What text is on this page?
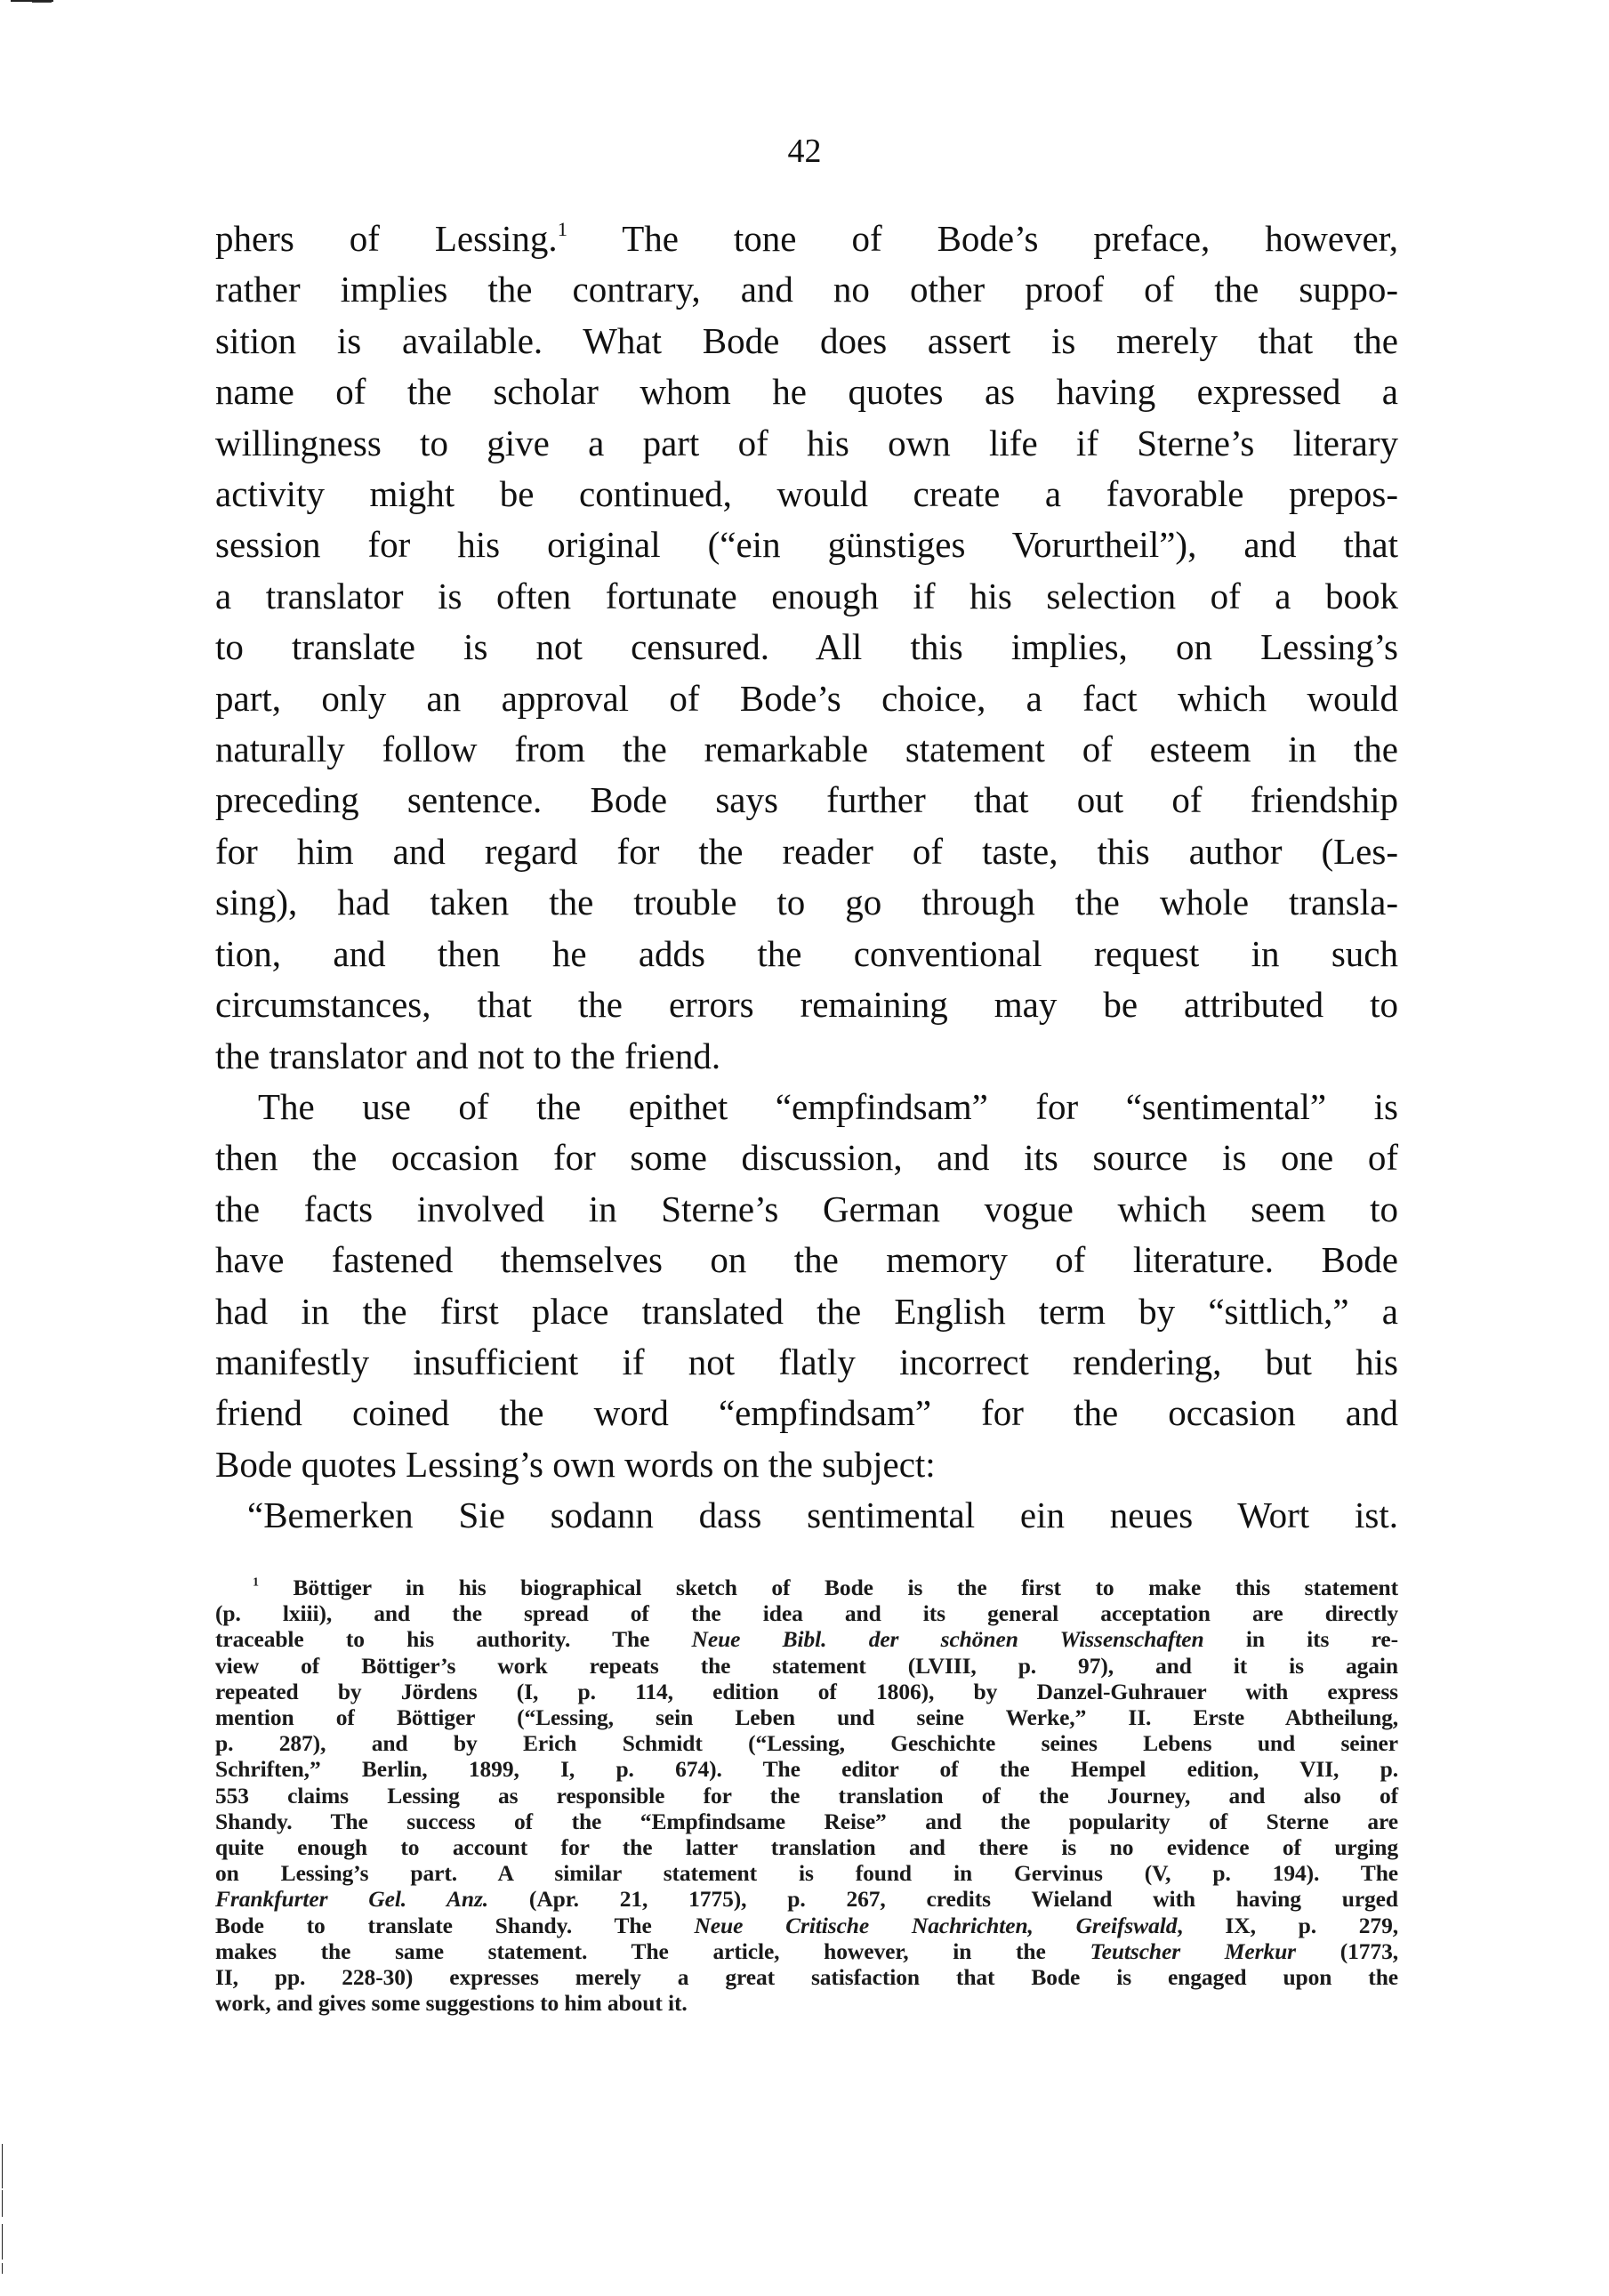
42

phers of Lessing.$^1$ The tone of Bode’s preface, however,
rather implies the contrary, and no other proof of the suppo-
sition is available. What Bode does assert is merely that the
name of the scholar whom he quotes as having expressed a
willingness to give a part of his own life if Sterne’s literary
activity might be continued, would create a favorable prepos-
session for his original (“ein günstiges Vorurtheil”), and that
a translator is often fortunate enough if his selection of a book
to translate is not censured. All this implies, on Lessing’s
part, only an approval of Bode’s choice, a fact which would
naturally follow from the remarkable statement of esteem in the
preceding sentence. Bode says further that out of friendship
for him and regard for the reader of taste, this author (Les-
sing), had taken the trouble to go through the whole transla-
tion, and then he adds the conventional request in such
circumstances, that the errors remaining may be attributed to
the translator and not to the friend.

The use of the epithet “empfindsam” for “sentimental” is
then the occasion for some discussion, and its source is one of
the facts involved in Sterne’s German vogue which seem to
have fastened themselves on the memory of literature. Bode
had in the first place translated the English term by “sittlich,” a
manifestly insufficient if not flatly incorrect rendering, but his
friend coined the word “empfindsam” for the occasion and
Bode quotes Lessing’s own words on the subject:

“Bemerken Sie sodann dass sentimental ein neues Wort ist.

$^1$ Böttiger in his biographical sketch of Bode is the first to make this statement
(p. lxiii), and the spread of the idea and its general acceptation are directly
traceable to his authority. The Neue Bibl. der schönen Wissenschaften in its re-
view of Böttiger’s work repeats the statement (LVIII, p. 97), and it is again
repeated by Jördens (I, p. 114, edition of 1806), by Danzel-Guhrauer with express
mention of Böttiger (“Lessing, sein Leben und seine Werke,” II. Erste Abtheilung,
p. 287), and by Erich Schmidt (“Lessing, Geschichte seines Lebens und seiner
Schriften,” Berlin, 1899, I, p. 674). The editor of the Hempel edition, VII, p.
553 claims Lessing as responsible for the translation of the Journey, and also of
Shandy. The success of the “Empfindsame Reise” and the popularity of Sterne are
quite enough to account for the latter translation and there is no evidence of urging
on Lessing’s part. A similar statement is found in Gervinus (V, p. 194). The
Frankfurter Gel. Anz. (Apr. 21, 1775), p. 267, credits Wieland with having urged
Bode to translate Shandy. The Neue Critische Nachrichten, Greifswald, IX, p. 279,
makes the same statement. The article, however, in the Teutscher Merkur (1773,
II, pp. 228-30) expresses merely a great satisfaction that Bode is engaged upon the
work, and gives some suggestions to him about it.
